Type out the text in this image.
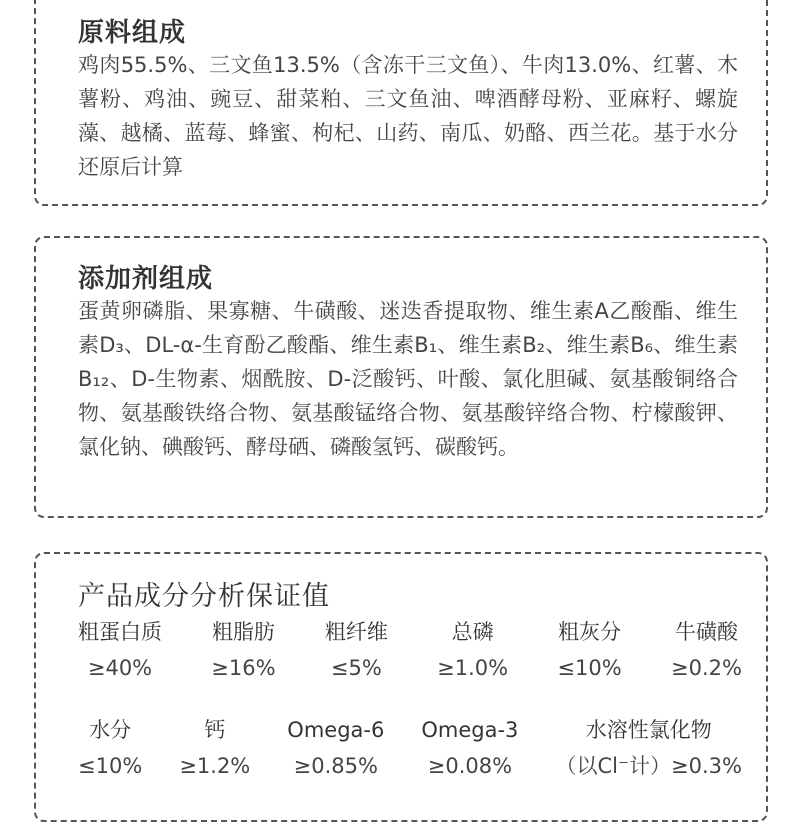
原料组成
鸡肉55.5%、三文鱼13.5%（含冻干三文鱼）、牛肉13.0%、红薯、木薯粉、鸡油、豌豆、甜菜粕、三文鱼油、啤酒酵母粉、亚麻籽、螺旋藻、越橘、蓝莓、蜂蜜、枸杞、山药、南瓜、奶酪、西兰花。基于水分还原后计算
添加剂组成
蛋黄卵磷脂、果寡糖、牛磺酸、迷迭香提取物、维生素A乙酸酯、维生素D₃、DL-α-生育酚乙酸酯、维生素B₁、维生素B₂、维生素B₆、维生素B₁₂、D-生物素、烟酰胺、D-泛酸钙、叶酸、氯化胆碱、氨基酸铜络合物、氨基酸铁络合物、氨基酸锰络合物、氨基酸锌络合物、柠檬酸钾、氯化钠、碘酸钙、酵母硒、磷酸氢钙、碳酸钙。
产品成分分析保证值
粗蛋白质
≥40%
粗脂肪
≥16%
粗纤维
≤5%
总磷
≥1.0%
粗灰分
≤10%
牛磺酸
≥0.2%
水分
≤10%
钙
≥1.2%
Omega-6
≥0.85%
Omega-3
≥0.08%
水溶性氯化物
（以Cl⁻计）≥0.3%
